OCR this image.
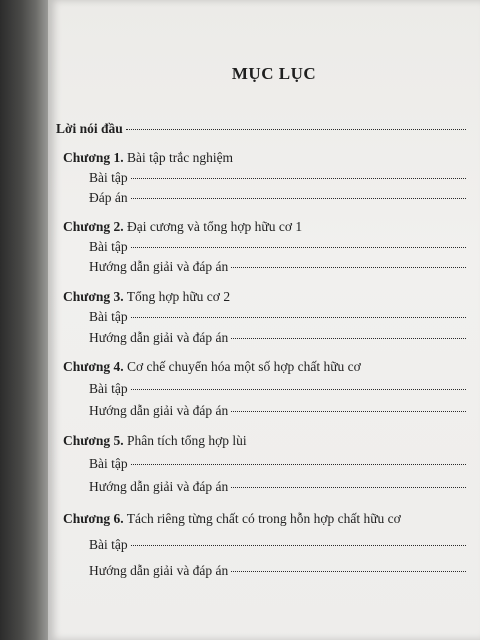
MỤC LỤC
Lời nói đầu
Chương 1. Bài tập trắc nghiệm
Bài tập
Đáp án
Chương 2. Đại cương và tổng hợp hữu cơ 1
Bài tập
Hướng dẫn giải và đáp án
Chương 3. Tổng hợp hữu cơ 2
Bài tập
Hướng dẫn giải và đáp án
Chương 4. Cơ chế chuyển hóa một số hợp chất hữu cơ
Bài tập
Hướng dẫn giải và đáp án
Chương 5. Phân tích tổng hợp lùi
Bài tập
Hướng dẫn giải và đáp án
Chương 6. Tách riêng từng chất có trong hỗn hợp chất hữu cơ
Bài tập
Hướng dẫn giải và đáp án
